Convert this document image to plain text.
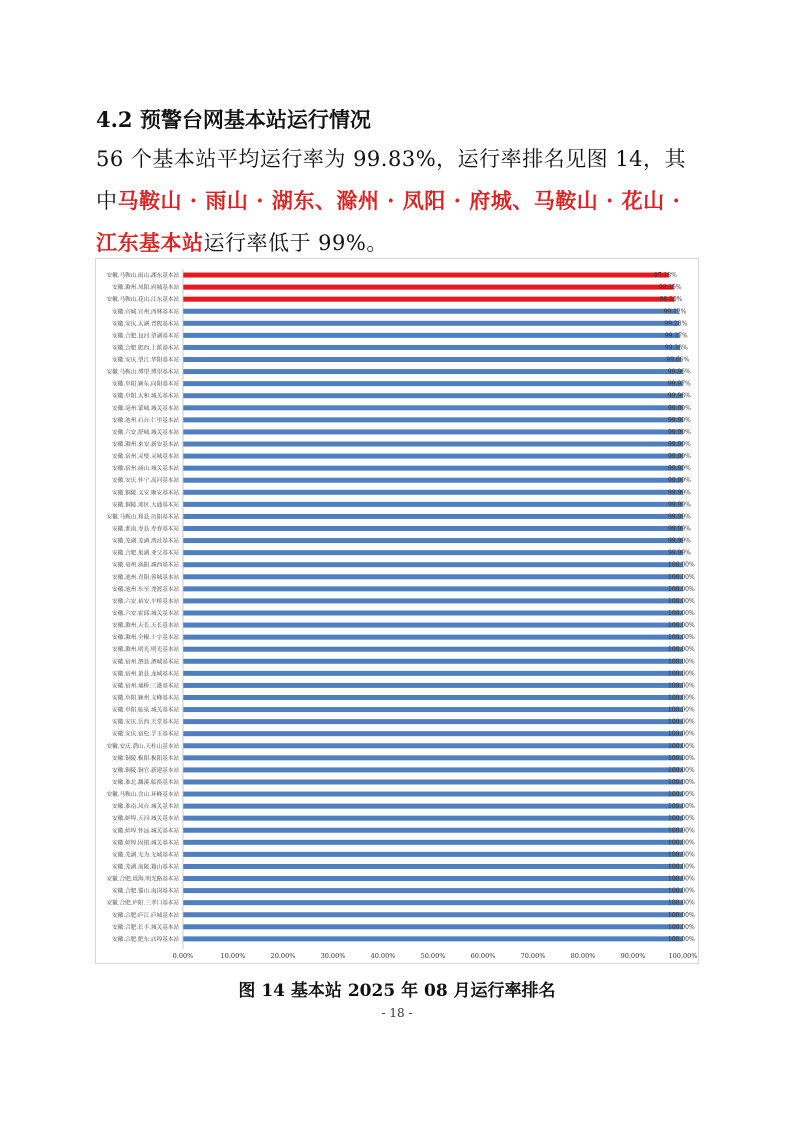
4.2 预警台网基本站运行情况
56 个基本站平均运行率为 99.83%，运行率排名见图 14，其中马鞍山 · 雨山 · 湖东、滁州 · 凤阳 · 府城、马鞍山 · 花山 · 江东基本站运行率低于 99%。
安徽.马鞍山.雨山.湖东基本站	97.18%
安徽.滁州.凤阳.府城基本站	98.15%
安徽.马鞍山.花山.江东基本站	98.30%
安徽.宣城.宣州.西林基本站	99.12%
安徽.安庆.太湖.晋熙基本站	99.28%
安徽.合肥.包河.望湖基本站	99.37%
安徽.合肥.肥西.上派基本站	99.38%
安徽.安庆.望江.华阳基本站	99.66%
安徽.马鞍山.博望.博望基本站	99.96%
安徽.阜阳.颍东.向阳基本站	99.97%
安徽.阜阳.太和.城关基本站	99.98%
安徽.亳州.蒙城.城关基本站	99.99%
安徽.池州.石台.仁里基本站	99.99%
安徽.六安.舒城.城关基本站	99.99%
安徽.滁州.来安.新安基本站	99.99%
安徽.宿州.灵璧.灵城基本站	99.99%
安徽.宿州.砀山.城关基本站	99.99%
安徽.安庆.怀宁.高河基本站	99.99%
安徽.铜陵.义安.顺安基本站	99.99%
安徽.铜陵.郊区.大通基本站	99.99%
安徽.马鞍山.和县.历阳基本站	99.99%
安徽.淮南.寿县.寿春基本站	99.99%
安徽.芜湖.芜湖.湾沚基本站	99.99%
安徽.合肥.巢湖.亚父基本站	99.99%
安徽.亳州.涡阳.城西基本站	100.00%
安徽.池州.青阳.蓉城基本站	100.00%
安徽.池州.东至.尧渡基本站	100.00%
安徽.六安.裕安.平桥基本站	100.00%
安徽.六安.霍邱.城关基本站	100.00%
安徽.滁州.天长.天长基本站	100.00%
安徽.滁州.全椒.十字基本站	100.00%
安徽.滁州.明光.明光基本站	100.00%
安徽.宿州.泗县.泗城基本站	100.00%
安徽.宿州.萧县.龙城基本站	100.00%
安徽.宿州.埇桥.三港基本站	100.00%
安徽.阜阳.颍州.文峰基本站	100.00%
安徽.阜阳.临泉.城关基本站	100.00%
安徽.安庆.岳西.天堂基本站	100.00%
安徽.安庆.宿松.孚玉基本站	100.00%
安徽.安庆.潜山.天柱山基本站	100.00%
安徽.铜陵.枞阳.枞阳基本站	100.00%
安徽.铜陵.铜官.新建基本站	100.00%
安徽.淮北.濉溪.临涣基本站	100.00%
安徽.马鞍山.含山.环峰基本站	100.00%
安徽.淮南.凤台.城关基本站	100.00%
安徽.蚌埠.五河.城关基本站	100.00%
安徽.蚌埠.怀远.城关基本站	100.00%
安徽.蚌埠.固镇.城关基本站	100.00%
安徽.芜湖.无为.无城基本站	100.00%
安徽.芜湖.南陵.籍山基本站	100.00%
安徽.合肥.瑶海.明光路基本站	100.00%
安徽.合肥.蜀山.南岗基本站	100.00%
安徽.合肥.庐阳.三孝口基本站	100.00%
安徽.合肥.庐江.庐城基本站	100.00%
安徽.合肥.长丰.城关基本站	100.00%
安徽.合肥.肥东.店埠基本站	100.00%
0.00%	10.00%	20.00%	30.00%	40.00%	50.00%	60.00%	70.00%	80.00%	90.00%	100.00%
图 14 基本站 2025 年 08 月运行率排名
- 18 -
